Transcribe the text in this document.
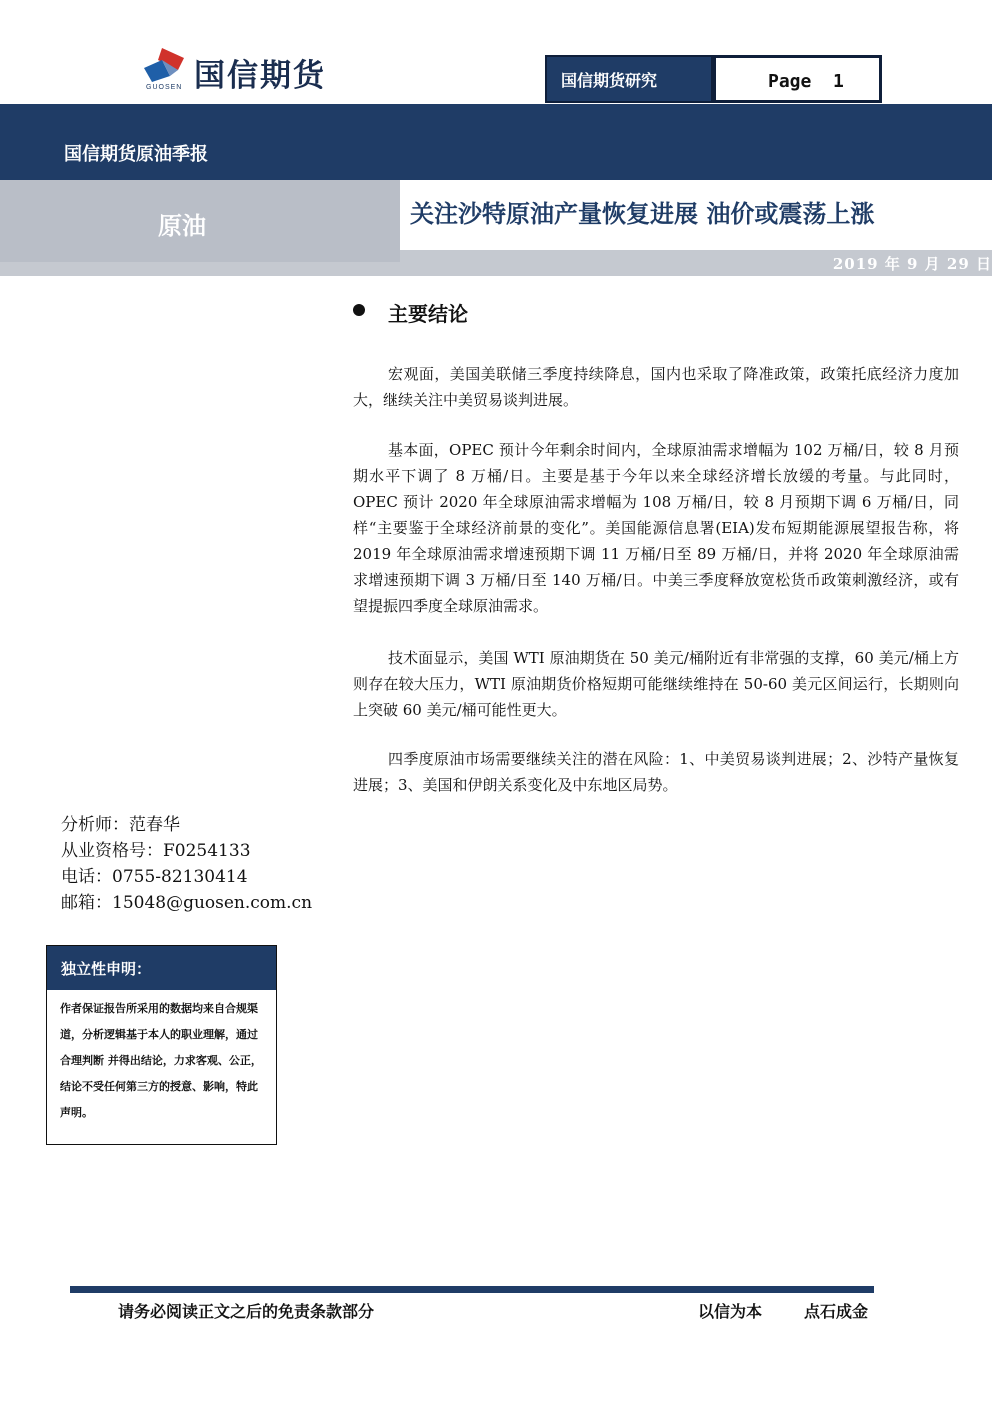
GUOSEN 国信期货	国信期货研究	Page  1
国信期货原油季报
原油	关注沙特原油产量恢复进展 油价或震荡上涨
2019 年 9 月 29 日
主要结论

宏观面，美国美联储三季度持续降息，国内也采取了降准政策，政策托底经济力度加大，继续关注中美贸易谈判进展。

基本面，OPEC 预计今年剩余时间内，全球原油需求增幅为 102 万桶/日，较 8 月预期水平下调了 8 万桶/日。主要是基于今年以来全球经济增长放缓的考量。与此同时，OPEC 预计 2020 年全球原油需求增幅为 108 万桶/日，较 8 月预期下调 6 万桶/日，同样“主要鉴于全球经济前景的变化”。美国能源信息署(EIA)发布短期能源展望报告称，将 2019 年全球原油需求增速预期下调 11 万桶/日至 89 万桶/日，并将 2020 年全球原油需求增速预期下调 3 万桶/日至 140 万桶/日。中美三季度释放宽松货币政策刺激经济，或有望提振四季度全球原油需求。

技术面显示，美国 WTI 原油期货在 50 美元/桶附近有非常强的支撑，60 美元/桶上方则存在较大压力，WTI 原油期货价格短期可能继续维持在 50-60 美元区间运行，长期则向上突破 60 美元/桶可能性更大。

四季度原油市场需要继续关注的潜在风险：1、中美贸易谈判进展；2、沙特产量恢复进展；3、美国和伊朗关系变化及中东地区局势。

分析师：范春华
从业资格号：F0254133
电话：0755-82130414
邮箱：15048@guosen.com.cn
独立性申明：
作者保证报告所采用的数据均来自合规渠道，分析逻辑基于本人的职业理解，通过合理判断 并得出结论，力求客观、公正，结论不受任何第三方的授意、影响，特此声明。
请务必阅读正文之后的免责条款部分	以信为本	点石成金
